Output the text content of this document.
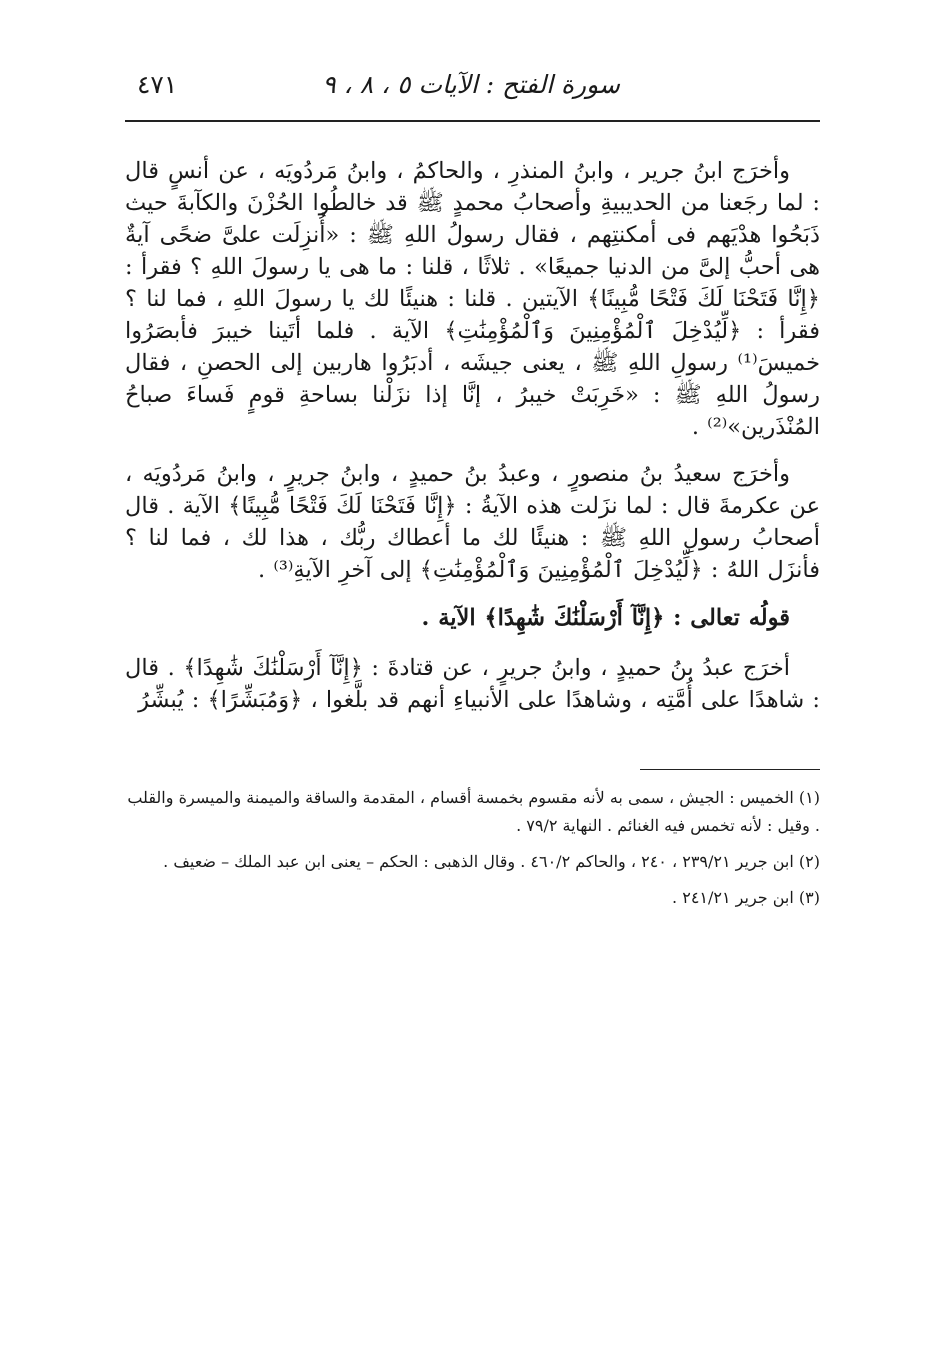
سورة الفتح : الآيات ٥ ، ٨ ، ٩
٤٧١

وأخرَج ابنُ جرير ، وابنُ المنذرِ ، والحاكمُ ، وابنُ مَردُويَه ، عن أنسٍ قال : لما رجَعنا من الحديبيةِ وأصحابُ محمدٍ ﷺ قد خالطُوا الحُزْنَ والكآبةَ حيث ذَبَحُوا هدْيَهم فى أمكنتِهم ، فقال رسولُ اللهِ ﷺ : «أُنزِلَت علىَّ ضحًى آيةٌ هى أحبُّ إلىَّ من الدنيا جميعًا» . ثلاثًا ، قلنا : ما هى يا رسولَ اللهِ ؟ فقرأ : ﴿إِنَّا فَتَحْنَا لَكَ فَتْحًا مُّبِينًا﴾ الآيتين . قلنا : هنيئًا لك يا رسولَ اللهِ ، فما لنا ؟ فقرأ : ﴿لِّيُدْخِلَ ٱلْمُؤْمِنِينَ وَٱلْمُؤْمِنَٰتِ﴾ الآية . فلما أتَينا خيبرَ فأبصَرُوا خميسَ⁽¹⁾ رسولِ اللهِ ﷺ ، يعنى جيشَه ، أدبَرُوا هاربين إلى الحصنِ ، فقال رسولُ اللهِ ﷺ : «خَرِبَتْ خيبرُ ، إنَّا إذا نزَلْنا بساحةِ قومٍ فَساءَ صباحُ المُنْذَرين»⁽²⁾ .

وأخرَج سعيدُ بنُ منصورٍ ، وعبدُ بنُ حميدٍ ، وابنُ جريرٍ ، وابنُ مَردُويَه ، عن عكرمةَ قال : لما نزَلت هذه الآيةُ : ﴿إِنَّا فَتَحْنَا لَكَ فَتْحًا مُّبِينًا﴾ الآية . قال أصحابُ رسولِ اللهِ ﷺ : هنيئًا لك ما أعطاك ربُّك ، هذا لك ، فما لنا ؟ فأنزَل اللهُ : ﴿لِّيُدْخِلَ ٱلْمُؤْمِنِينَ وَٱلْمُؤْمِنَٰتِ﴾ إلى آخرِ الآيةِ⁽³⁾ .

قولُه تعالى : ﴿إِنَّآ أَرْسَلْنَٰكَ شَٰهِدًا﴾ الآية .

أخرَج عبدُ بنُ حميدٍ ، وابنُ جريرٍ ، عن قتادةَ : ﴿إِنَّآ أَرْسَلْنَٰكَ شَٰهِدًا﴾ . قال : شاهدًا على أُمَّتِه ، وشاهدًا على الأنبياءِ أنهم قد بلَّغوا ، ﴿وَمُبَشِّرًا﴾ : يُبشِّرُ

(١) الخميس : الجيش ، سمى به لأنه مقسوم بخمسة أقسام ، المقدمة والساقة والميمنة والميسرة والقلب . وقيل : لأنه تخمس فيه الغنائم . النهاية ٧٩/٢ .

(٢) ابن جرير ٢٣٩/٢١ ، ٢٤٠ ، والحاكم ٤٦٠/٢ . وقال الذهبى : الحكم – يعنى ابن عبد الملك – ضعيف .

(٣) ابن جرير ٢٤١/٢١ .
